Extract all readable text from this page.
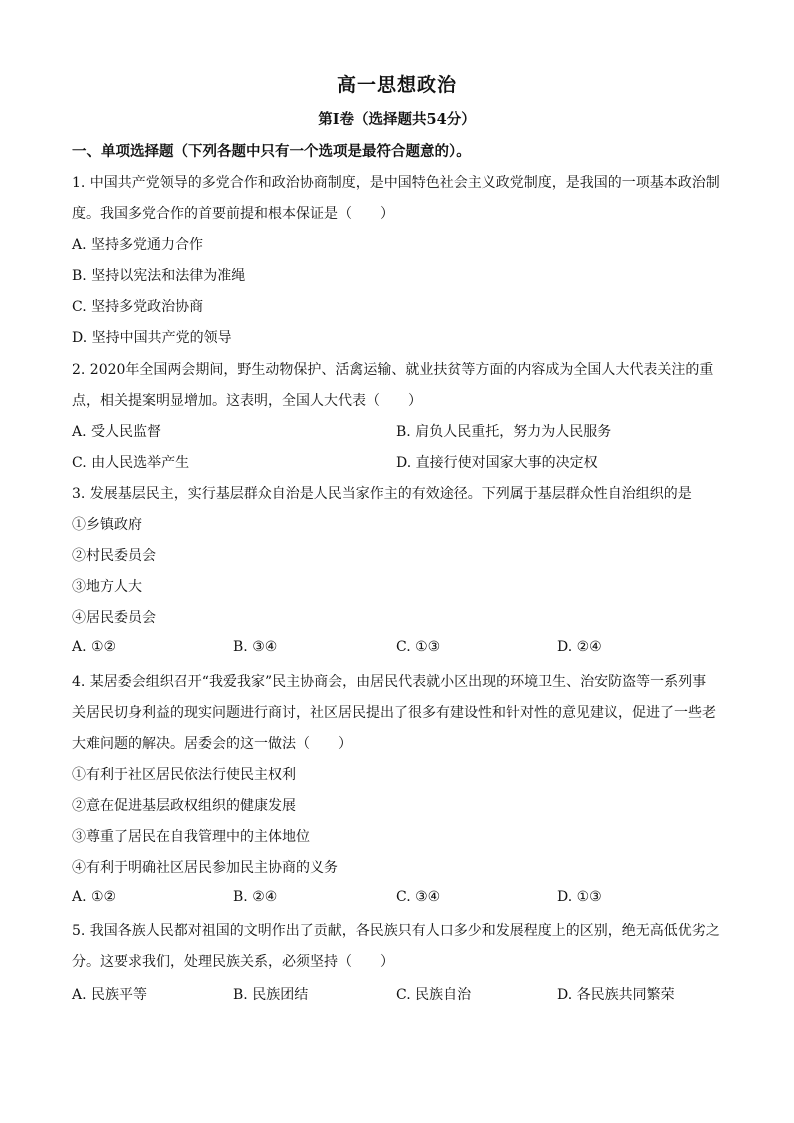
高一思想政治
第Ⅰ卷（选择题共54分）
一、单项选择题（下列各题中只有一个选项是最符合题意的）。
1. 中国共产党领导的多党合作和政治协商制度，是中国特色社会主义政党制度，是我国的一项基本政治制
度。我国多党合作的首要前提和根本保证是（　　）
A. 坚持多党通力合作
B. 坚持以宪法和法律为准绳
C. 坚持多党政治协商
D. 坚持中国共产党的领导
2. 2020年全国两会期间，野生动物保护、活禽运输、就业扶贫等方面的内容成为全国人大代表关注的重
点，相关提案明显增加。这表明，全国人大代表（　　）
A. 受人民监督	B. 肩负人民重托，努力为人民服务
C. 由人民选举产生	D. 直接行使对国家大事的决定权
3. 发展基层民主，实行基层群众自治是人民当家作主的有效途径。下列属于基层群众性自治组织的是
①乡镇政府
②村民委员会
③地方人大
④居民委员会
A. ①②	B. ③④	C. ①③	D. ②④
4. 某居委会组织召开“我爱我家”民主协商会，由居民代表就小区出现的环境卫生、治安防盗等一系列事
关居民切身利益的现实问题进行商讨，社区居民提出了很多有建设性和针对性的意见建议，促进了一些老
大难问题的解决。居委会的这一做法（　　）
①有利于社区居民依法行使民主权利
②意在促进基层政权组织的健康发展
③尊重了居民在自我管理中的主体地位
④有利于明确社区居民参加民主协商的义务
A. ①②	B. ②④	C. ③④	D. ①③
5. 我国各族人民都对祖国的文明作出了贡献，各民族只有人口多少和发展程度上的区别，绝无高低优劣之
分。这要求我们，处理民族关系，必须坚持（　　）
A. 民族平等	B. 民族团结	C. 民族自治	D. 各民族共同繁荣
